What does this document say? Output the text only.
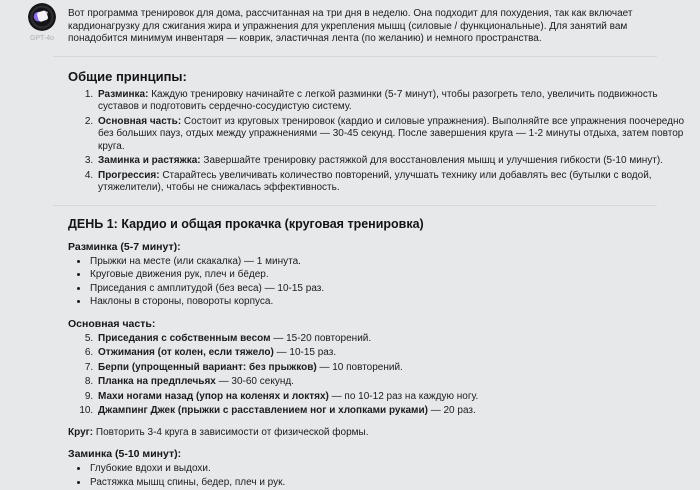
GPT-4o

Вот программа тренировок для дома, рассчитанная на три дня в неделю. Она подходит для похудения, так как включает кардионагрузку для сжигания жира и упражнения для укрепления мышц (силовые / функциональные). Для занятий вам понадобится минимум инвентаря — коврик, эластичная лента (по желанию) и немного пространства.

Общие принципы:
1. Разминка: Каждую тренировку начинайте с легкой разминки (5-7 минут), чтобы разогреть тело, увеличить подвижность суставов и подготовить сердечно-сосудистую систему.
2. Основная часть: Состоит из круговых тренировок (кардио и силовые упражнения). Выполняйте все упражнения поочередно без больших пауз, отдых между упражнениями — 30-45 секунд. После завершения круга — 1-2 минуты отдыха, затем повтор круга.
3. Заминка и растяжка: Завершайте тренировку растяжкой для восстановления мышц и улучшения гибкости (5-10 минут).
4. Прогрессия: Старайтесь увеличивать количество повторений, улучшать технику или добавлять вес (бутылки с водой, утяжелители), чтобы не снижалась эффективность.
ДЕНЬ 1: Кардио и общая прокачка (круговая тренировка)
Разминка (5-7 минут):
• Прыжки на месте (или скакалка) — 1 минута.
• Круговые движения рук, плеч и бёдер.
• Приседания с амплитудой (без веса) — 10-15 раз.
• Наклоны в стороны, повороты корпуса.
Основная часть:
5. Приседания с собственным весом — 15-20 повторений.
6. Отжимания (от колен, если тяжело) — 10-15 раз.
7. Берпи (упрощенный вариант: без прыжков) — 10 повторений.
8. Планка на предплечьях — 30-60 секунд.
9. Махи ногами назад (упор на коленях и локтях) — по 10-12 раз на каждую ногу.
10. Джампинг Джек (прыжки с расставлением ног и хлопками руками) — 20 раз.

Круг: Повторить 3-4 круга в зависимости от физической формы.

Заминка (5-10 минут):
• Глубокие вдохи и выдохи.
• Растяжка мышц спины, бедер, плеч и рук.
